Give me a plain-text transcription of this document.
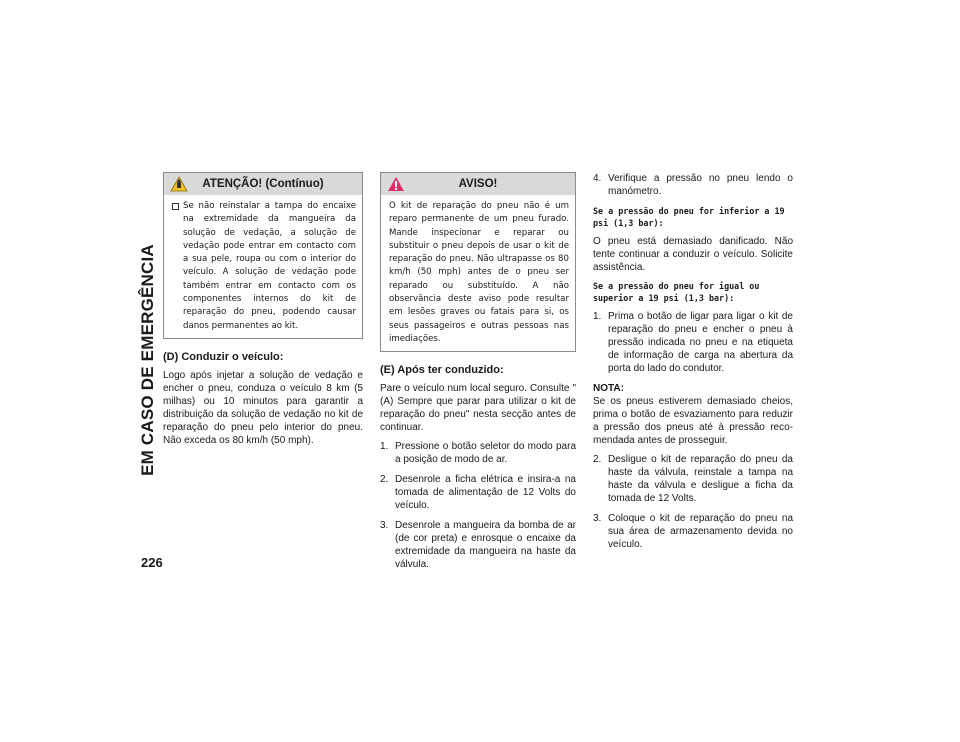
EM CASO DE EMERGÊNCIA
226
ATENÇÃO! (Contínuo)
Se não reinstalar a tampa do encaixe na extremidade da mangueira da solução de vedação, a solução de vedação pode entrar em contacto com a sua pele, roupa ou com o interior do veículo. A solução de vedação pode também entrar em contacto com os componentes internos do kit de reparação do pneu, podendo causar danos permanentes ao kit.
(D) Conduzir o veículo:

Logo após injetar a solução de vedação e encher o pneu, conduza o veículo 8 km (5 milhas) ou 10 minutos para garantir a distribuição da solução de vedação no kit de reparação do pneu pelo interior do pneu. Não exceda os 80 km/h (50 mph).

AVISO!
O kit de reparação do pneu não é um reparo permanente de um pneu furado. Mande inspecionar e reparar ou substituir o pneu depois de usar o kit de reparação do pneu. Não ultrapasse os 80 km/h (50 mph) antes de o pneu ser reparado ou substituído. A não observância deste aviso pode resultar em lesões graves ou fatais para si, os seus passageiros e outras pessoas nas imediações.
(E) Após ter conduzido:

Pare o veículo num local seguro. Consulte "(A) Sempre que parar para utilizar o kit de reparação do pneu" nesta secção antes de continuar.

1. Pressione o botão seletor do modo para a posição de modo de ar.
2. Desenrole a ficha elétrica e insira-a na tomada de alimentação de 12 Volts do veículo.
3. Desenrole a mangueira da bomba de ar (de cor preta) e enrosque o encaixe da extremidade da mangueira na haste da válvula.
4. Verifique a pressão no pneu lendo o manómetro.
Se a pressão do pneu for inferior a 19 psi (1,3 bar):

O pneu está demasiado danificado. Não tente continuar a conduzir o veículo. Solicite assistência.

Se a pressão do pneu for igual ou superior a 19 psi (1,3 bar):
1. Prima o botão de ligar para ligar o kit de reparação do pneu e encher o pneu à pressão indicada no pneu e na etiqueta de informação de carga na abertura da porta do lado do condutor.
NOTA:

Se os pneus estiverem demasiado cheios, prima o botão de esvaziamento para reduzir a pressão dos pneus até à pressão reco-mendada antes de prosseguir.

2. Desligue o kit de reparação do pneu da haste da válvula, reinstale a tampa na haste da válvula e desligue a ficha da tomada de 12 Volts.
3. Coloque o kit de reparação do pneu na sua área de armazenamento devida no veículo.
